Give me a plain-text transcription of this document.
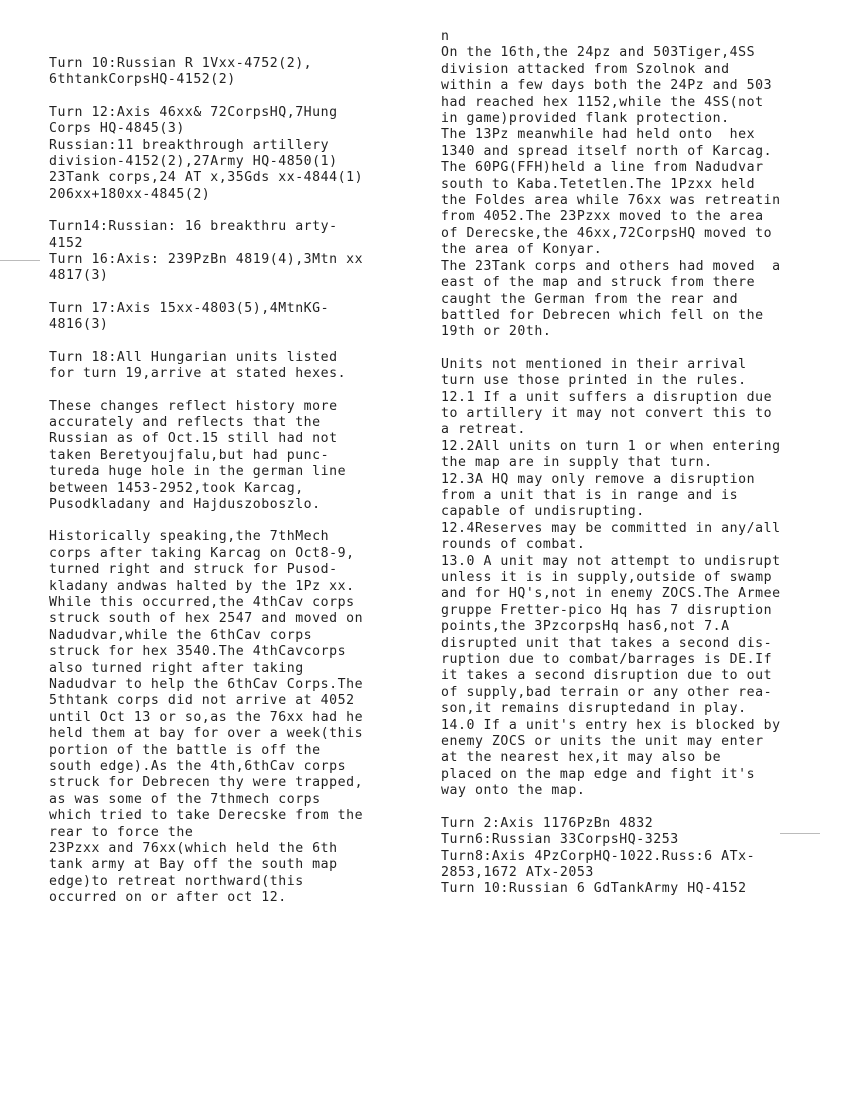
Turn 10:Russian R 1Vxx-4752(2),
6thtankCorpsHQ-4152(2)
Turn 12:Axis 46xx& 72CorpsHQ,7Hung
Corps HQ-4845(3)
Russian:11 breakthrough artillery
division-4152(2),27Army HQ-4850(1)
23Tank corps,24 AT x,35Gds xx-4844(1)
206xx+180xx-4845(2)
Turn14:Russian: 16 breakthru arty-
4152
Turn 16:Axis: 239PzBn 4819(4),3Mtn xx
4817(3)
Turn 17:Axis 15xx-4803(5),4MtnKG-
4816(3)
Turn 18:All Hungarian units listed
for turn 19,arrive at stated hexes.
These changes reflect history more
accurately and reflects that the
Russian as of Oct.15 still had not
taken Beretyoujfalu,but had punc-
tureda huge hole in the german line
between 1453-2952,took Karcag,
Pusodkladany and Hajduszoboszlo.
Historically speaking,the 7thMech
corps after taking Karcag on Oct8-9,
turned right and struck for Pusod-
kladany andwas halted by the 1Pz xx.
While this occurred,the 4thCav corps
struck south of hex 2547 and moved on
Nadudvar,while the 6thCav corps
struck for hex 3540.The 4thCavcorps
also turned right after taking
Nadudvar to help the 6thCav Corps.The
5thtank corps did not arrive at 4052
until Oct 13 or so,as the 76xx had he
held them at bay for over a week(this
portion of the battle is off the
south edge).As the 4th,6thCav corps
struck for Debrecen thy were trapped,
as was some of the 7thmech corps
which tried to take Derecske from the
rear to force the
23Pzxx and 76xx(which held the 6th
tank army at Bay off the south map
edge)to retreat northward(this
occurred on or after oct 12.
n
On the 16th,the 24pz and 503Tiger,4SS
division attacked from Szolnok and
within a few days both the 24Pz and 503
had reached hex 1152,while the 4SS(not
in game)provided flank protection.
The 13Pz meanwhile had held onto  hex
1340 and spread itself north of Karcag.
The 60PG(FFH)held a line from Nadudvar
south to Kaba.Tetetlen.The 1Pzxx held
the Foldes area while 76xx was retreatin
from 4052.The 23Pzxx moved to the area
of Derecske,the 46xx,72CorpsHQ moved to
the area of Konyar.
The 23Tank corps and others had moved  a
east of the map and struck from there
caught the German from the rear and
battled for Debrecen which fell on the
19th or 20th.
Units not mentioned in their arrival
turn use those printed in the rules.
12.1 If a unit suffers a disruption due
to artillery it may not convert this to
a retreat.
12.2All units on turn 1 or when entering
the map are in supply that turn.
12.3A HQ may only remove a disruption
from a unit that is in range and is
capable of undisrupting.
12.4Reserves may be committed in any/all
rounds of combat.
13.0 A unit may not attempt to undisrupt
unless it is in supply,outside of swamp
and for HQ's,not in enemy ZOCS.The Armee
gruppe Fretter-pico Hq has 7 disruption
points,the 3PzcorpsHq has6,not 7.A
disrupted unit that takes a second dis-
ruption due to combat/barrages is DE.If
it takes a second disruption due to out
of supply,bad terrain or any other rea-
son,it remains disruptedand in play.
14.0 If a unit's entry hex is blocked by
enemy ZOCS or units the unit may enter
at the nearest hex,it may also be
placed on the map edge and fight it's
way onto the map.
Turn 2:Axis 1176PzBn 4832
Turn6:Russian 33CorpsHQ-3253
Turn8:Axis 4PzCorpHQ-1022.Russ:6 ATx-
2853,1672 ATx-2053
Turn 10:Russian 6 GdTankArmy HQ-4152
